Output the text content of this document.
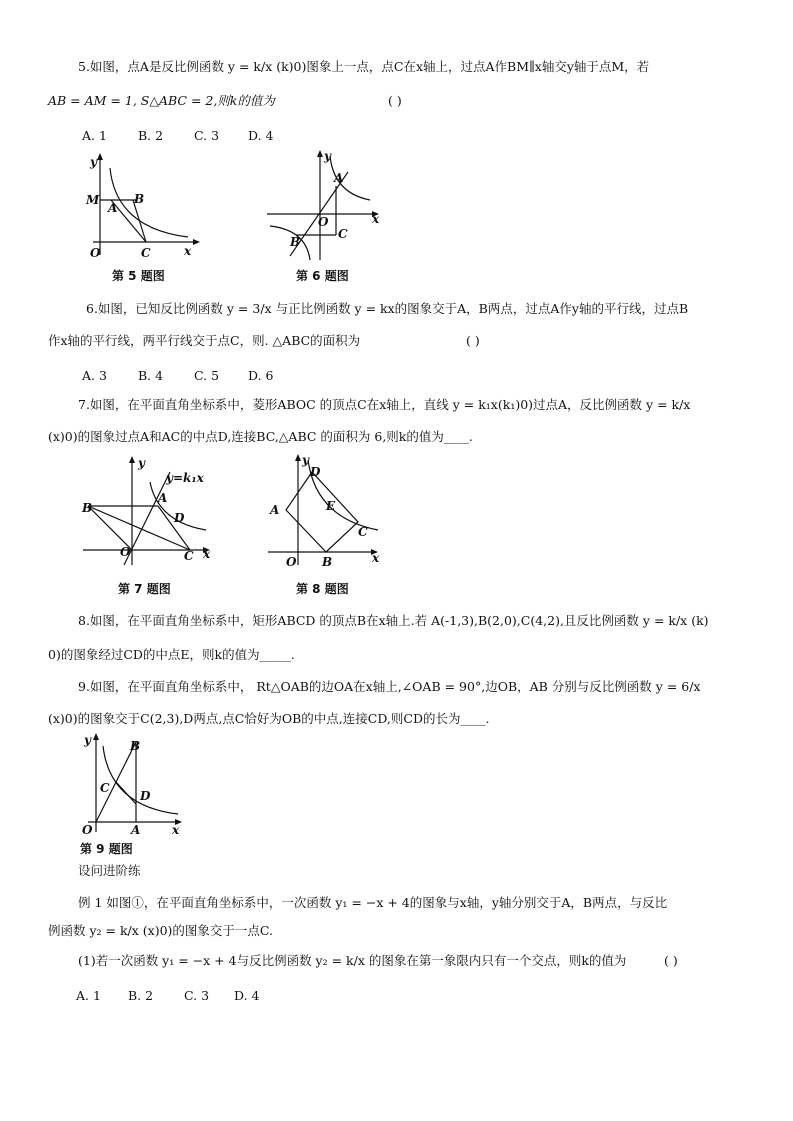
5.如图，点A是反比例函数 y = k/x (k)0)图象上一点，点C在x轴上，过点A作BM∥x轴交y轴于点M，若
AB = AM = 1, S△ABC = 2,则k的值为	( )
A. 1 B. 2 C. 3 D. 4
y
M
A
B
O	C	x
第 5 题图
y
A
O	x
C
B
第 6 题图
6.如图，已知反比例函数 y = 3/x 与正比例函数 y = kx的图象交于A，B两点，过点A作y轴的平行线，过点B
作x轴的平行线，两平行线交于点C，则. △ABC的面积为	( )
A. 3 B. 4 C. 5 D. 6
7.如图，在平面直角坐标系中，菱形ABOC 的顶点C在x轴上，直线 y = k₁x(k₁)0)过点A，反比例函数 y = k/x
(x)0)的图象过点A和AC的中点D,连接BC,△ABC 的面积为 6,则k的值为____.
y
y=k₁x
A
B
D
O	C x
第 7 题图
y
D
A	E
C
O B	x
第 8 题图
8.如图，在平面直角坐标系中，矩形ABCD 的顶点B在x轴上.若 A(-1,3),B(2,0),C(4,2),且反比例函数 y = k/x (k)
0)的图象经过CD的中点E，则k的值为_____.
9.如图，在平面直角坐标系中， Rt△OAB的边OA在x轴上,∠OAB = 90°,边OB，AB 分别与反比例函数 y = 6/x
(x)0)的图象交于C(2,3),D两点,点C恰好为OB的中点,连接CD,则CD的长为____.
y	B
C
D
O	A	x
第 9 题图
设问进阶练
例 1 如图①，在平面直角坐标系中，一次函数 y₁ = −x + 4的图象与x轴，y轴分别交于A，B两点，与反比
例函数 y₂ = k/x (x)0)的图象交于一点C.
(1)若一次函数 y₁ = −x + 4与反比例函数 y₂ = k/x 的图象在第一象限内只有一个交点，则k的值为	( )
A. 1 B. 2 C. 3 D. 4
